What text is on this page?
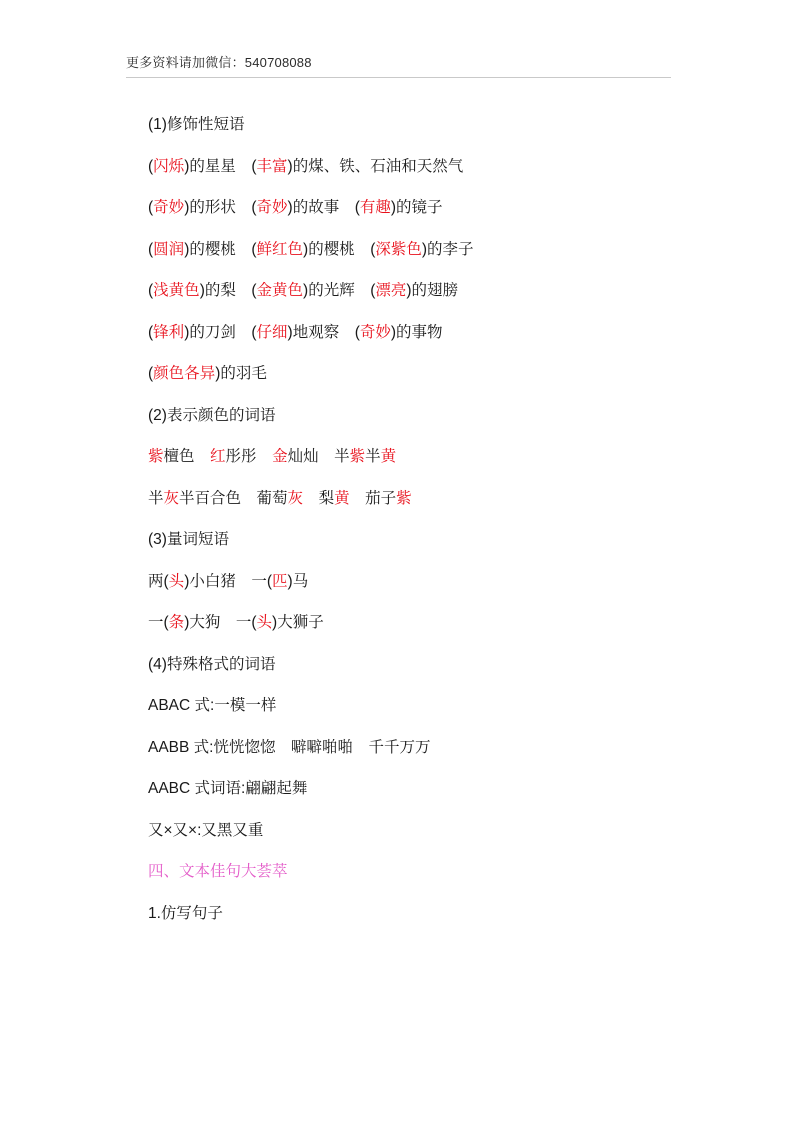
更多资料请加微信：540708088
(1)修饰性短语
(闪烁)的星星　(丰富)的煤、铁、石油和天然气
(奇妙)的形状　(奇妙)的故事　(有趣)的镜子
(圆润)的樱桃　(鲜红色)的樱桃　(深紫色)的李子
(浅黄色)的梨　(金黄色)的光辉　(漂亮)的翅膀
(锋利)的刀剑　(仔细)地观察　(奇妙)的事物
(颜色各异)的羽毛
(2)表示颜色的词语
紫檀色　红彤彤　金灿灿　半紫半黄
半灰半百合色　葡萄灰　梨黄　茄子紫
(3)量词短语
两(头)小白猪　一(匹)马
一(条)大狗　一(头)大狮子
(4)特殊格式的词语
ABAC 式:一模一样
AABB 式:恍恍惚惚　噼噼啪啪　千千万万
AABC 式词语:翩翩起舞
又×又×:又黑又重
四、文本佳句大荟萃
1.仿写句子
